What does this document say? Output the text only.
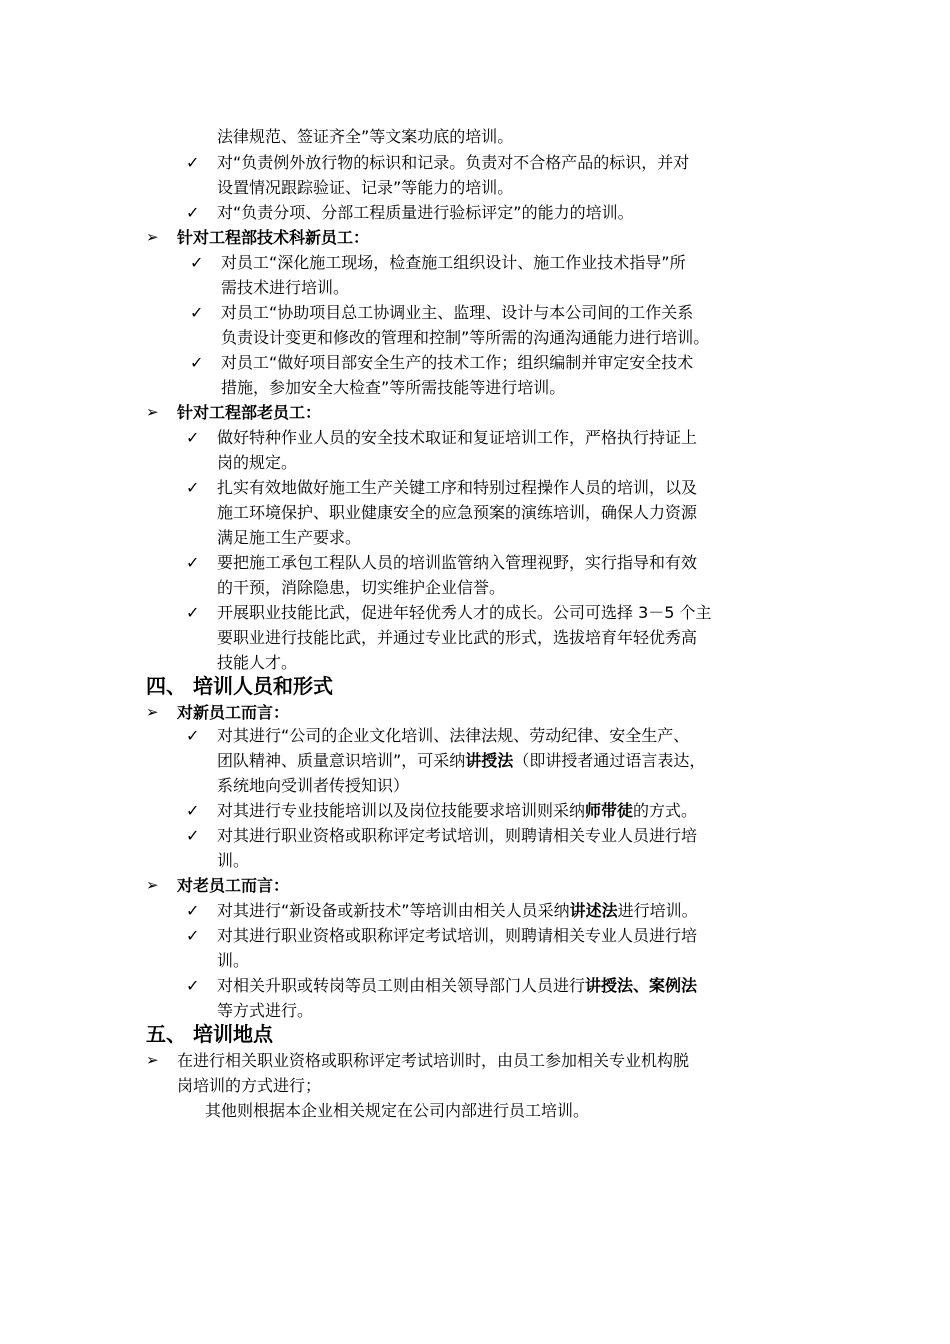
法律规范、签证齐全”等文案功底的培训。
✓ 对“负责例外放行物的标识和记录。负责对不合格产品的标识，并对
设置情况跟踪验证、记录”等能力的培训。
✓ 对“负责分项、分部工程质量进行验标评定”的能力的培训。
➢ 针对工程部技术科新员工：
✓ 对员工“深化施工现场，检查施工组织设计、施工作业技术指导”所
需技术进行培训。
✓ 对员工“协助项目总工协调业主、监理、设计与本公司间的工作关系
负责设计变更和修改的管理和控制”等所需的沟通沟通能力进行培训。
✓ 对员工“做好项目部安全生产的技术工作；组织编制并审定安全技术
措施，参加安全大检查”等所需技能等进行培训。
➢ 针对工程部老员工：
✓ 做好特种作业人员的安全技术取证和复证培训工作，严格执行持证上
岗的规定。
✓ 扎实有效地做好施工生产关键工序和特别过程操作人员的培训，以及
施工环境保护、职业健康安全的应急预案的演练培训，确保人力资源
满足施工生产要求。
✓ 要把施工承包工程队人员的培训监管纳入管理视野，实行指导和有效
的干预，消除隐患，切实维护企业信誉。
✓ 开展职业技能比武，促进年轻优秀人才的成长。公司可选择 3－5 个主
要职业进行技能比武，并通过专业比武的形式，选拔培育年轻优秀高
技能人才。
四、 培训人员和形式
➢ 对新员工而言：
✓ 对其进行“公司的企业文化培训、法律法规、劳动纪律、安全生产、
团队精神、质量意识培训”，可采纳讲授法（即讲授者通过语言表达，
系统地向受训者传授知识）
✓ 对其进行专业技能培训以及岗位技能要求培训则采纳师带徒的方式。
✓ 对其进行职业资格或职称评定考试培训，则聘请相关专业人员进行培
训。
➢ 对老员工而言：
✓ 对其进行“新设备或新技术”等培训由相关人员采纳讲述法进行培训。
✓ 对其进行职业资格或职称评定考试培训，则聘请相关专业人员进行培
训。
✓ 对相关升职或转岗等员工则由相关领导部门人员进行讲授法、案例法
等方式进行。
五、 培训地点
➢ 在进行相关职业资格或职称评定考试培训时，由员工参加相关专业机构脱
岗培训的方式进行；
其他则根据本企业相关规定在公司内部进行员工培训。
